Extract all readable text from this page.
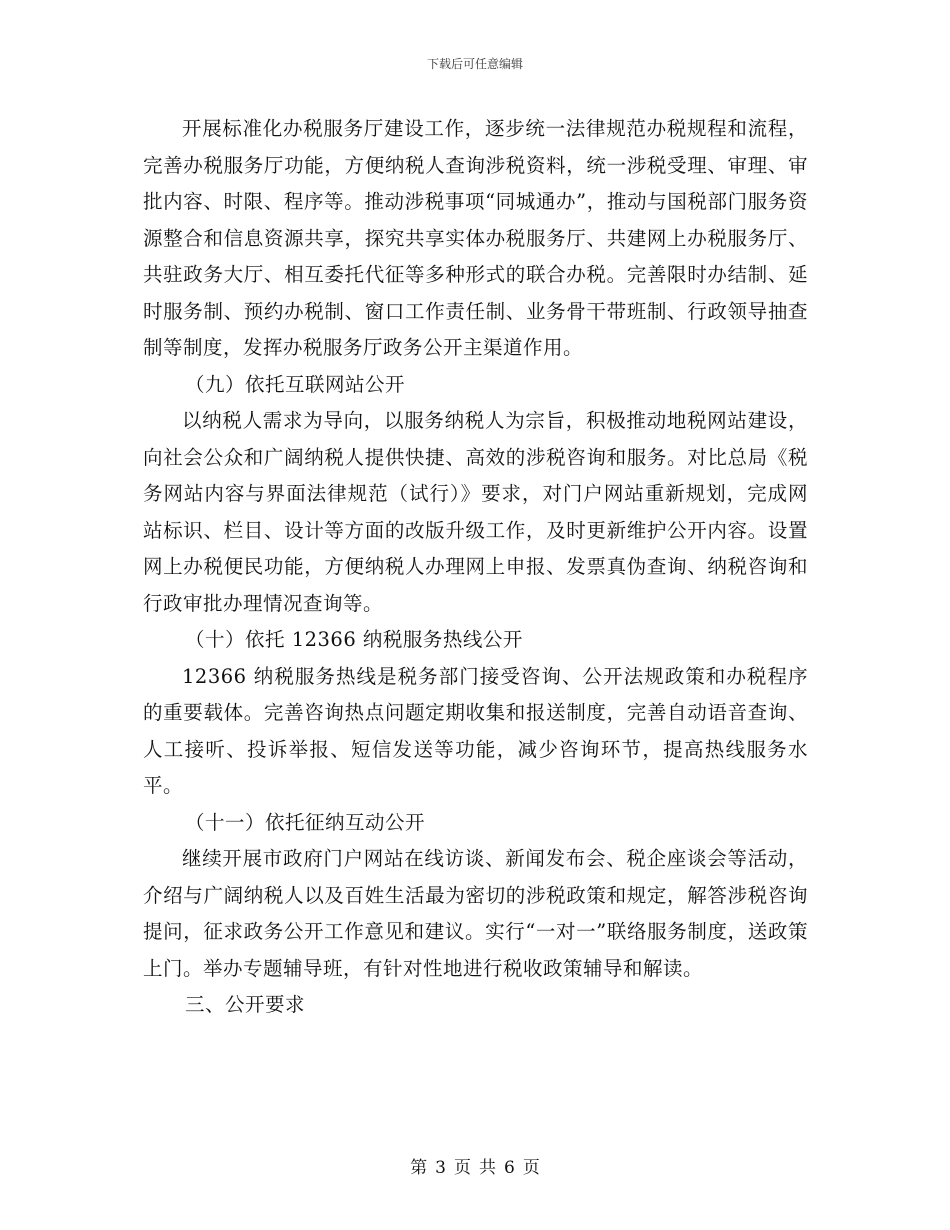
下载后可任意编辑

开展标准化办税服务厅建设工作，逐步统一法律规范办税规程和流程，完善办税服务厅功能，方便纳税人查询涉税资料，统一涉税受理、审理、审批内容、时限、程序等。推动涉税事项“同城通办”，推动与国税部门服务资源整合和信息资源共享，探究共享实体办税服务厅、共建网上办税服务厅、共驻政务大厅、相互委托代征等多种形式的联合办税。完善限时办结制、延时服务制、预约办税制、窗口工作责任制、业务骨干带班制、行政领导抽查制等制度，发挥办税服务厅政务公开主渠道作用。

（九）依托互联网站公开

以纳税人需求为导向，以服务纳税人为宗旨，积极推动地税网站建设，向社会公众和广阔纳税人提供快捷、高效的涉税咨询和服务。对比总局《税务网站内容与界面法律规范（试行）》要求，对门户网站重新规划，完成网站标识、栏目、设计等方面的改版升级工作，及时更新维护公开内容。设置网上办税便民功能，方便纳税人办理网上申报、发票真伪查询、纳税咨询和行政审批办理情况查询等。

（十）依托 12366 纳税服务热线公开

12366 纳税服务热线是税务部门接受咨询、公开法规政策和办税程序的重要载体。完善咨询热点问题定期收集和报送制度，完善自动语音查询、人工接听、投诉举报、短信发送等功能，减少咨询环节，提高热线服务水平。

（十一）依托征纳互动公开

继续开展市政府门户网站在线访谈、新闻发布会、税企座谈会等活动，介绍与广阔纳税人以及百姓生活最为密切的涉税政策和规定，解答涉税咨询提问，征求政务公开工作意见和建议。实行“一对一”联络服务制度，送政策上门。举办专题辅导班，有针对性地进行税收政策辅导和解读。

三、公开要求

第 3 页 共 6 页
